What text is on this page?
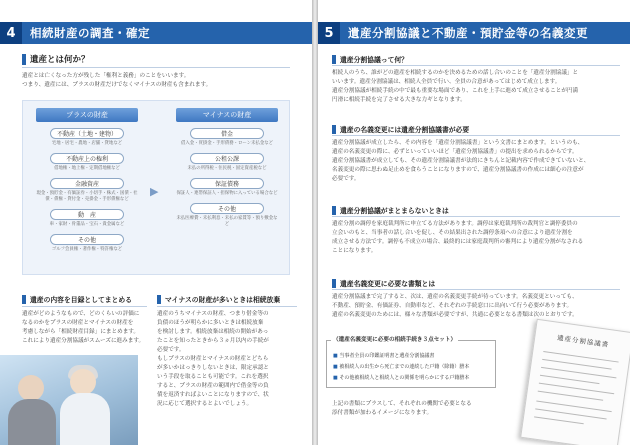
4	相続財産の調査・確定
遺産とは何か？
遺産とは亡くなった方が残した「権利と義務」のことをいいます。
つまり、遺産には、プラスの財産だけでなくマイナスの財産も含まれます。
プラスの財産
不動産（土地・建物）
宅地・居宅・農地・店舗・貸地など
不動産上の権利
借地権・地上権・定期借地権など
金融資産
現金・預貯金・有価証券・小切手・株式・国債・社債・債権・貸付金・売掛金・手形債権など
動　産
車・家財・骨董品・宝石・貴金属など
その他
ゴルフ会員権・著作権・特許権など
▶
マイナスの財産
借金
借入金・買掛金・手形債務・ローン未払金など
公租公課
未払の所得税・住民税・固定資産税など
保証債務
保証人・連帯保証人・担保物に入っている場合など
その他
未払医療費・未払利息・未払の家賃等・預り敷金など
遺産の内容を目録としてまとめる
遺産がどのようなもので、どのくらいの評価に
なるのかをプラスの財産とマイナスの財産を
考慮しながら「相続財産目録」にまとめます。
これにより遺産分割協議がスムーズに進みます。
マイナスの財産が多いときは相続放棄
遺産のうちマイナスの財産、つまり借金等の
負債のほうが明らかに多いときは相続放棄
を検討します。相続放棄は相続の開始があっ
たことを知ったときから３ヵ月以内の手続が
必要です。
もしプラスの財産とマイナスの財産とどちら
が多いかはっきりしないときは、限定承認と
いう手段を取ることも可能です。これを選択
すると、プラスの財産の範囲内で借金等の負
債を返済すればよいことになりますので、状
況に応じて選択するとよいでしょう。
5	遺産分割協議と不動産・預貯金等の名義変更
遺産分割協議って何？
相続人のうち、誰がどの遺産を相続するのかを決めるための話し合いのことを「遺産分割協議」と
いいます。遺産分割協議は、相続人全員で行い、全員の合意があってはじめて成立します。
遺産分割協議が相続手続の中で最も重要な場面であり、これを上手に進めて成立させることが円満
円滑に相続手続を完了させる大きな力ギとなります。
遺産の名義変更には遺産分割協議書が必要
遺産分割協議が成立したら、その内容を「遺産分割協議書」という文書にまとめます。というのも、
遺産の名義変更の際に、必ずといっていいほど「遺産分割協議書」の提出を求められるからです。
遺産分割協議書が成立しても、その遺産分割協議書が法的にきちんと記載内容で作成できていないと、
名義変更の際に思わぬ足止めを食らうことになりますので、遺産分割協議書の作成には細心の注意が
必要です。
遺産分割協議がまとまらないときは
遺産分割の調停を家庭裁判所に申立てる方法があります。調停は家庭裁判所の裁判官と調停委員の
立会いのもと、当事者の話し合いを促し、その結果出された調停条項への合意により遺産分割を
成立させる方法です。調停も不成立の場合、最終的には家庭裁判所の審判により遺産分割がなされる
ことになります。
遺産名義変更に必要な書類とは
遺産分割協議まで完了すると、次は、遺産の名義変更手続が待っています。名義変更といっても、
不動産、預貯金、有価証券、自動車など、それぞれの手続窓口に出向いて行う必要があります。
遺産の名義変更のためには、様々な書類が必要ですが、共通に必要となる書類は次のとおりです。
（遺産名義変更に必要の相続手続き３点セット）
■ 当事者全員の印鑑証明書と遺産分割協議書
■ 被相続人の出生から死亡までの連続した戸籍（除籍）謄本
■ その他被相続人と相続人との関係を明らかにする戸籍謄本
上記の書類にプラスして、それぞれの機関で必要となる
添付書類が加わるイメージになります。
遺産分割協議書
